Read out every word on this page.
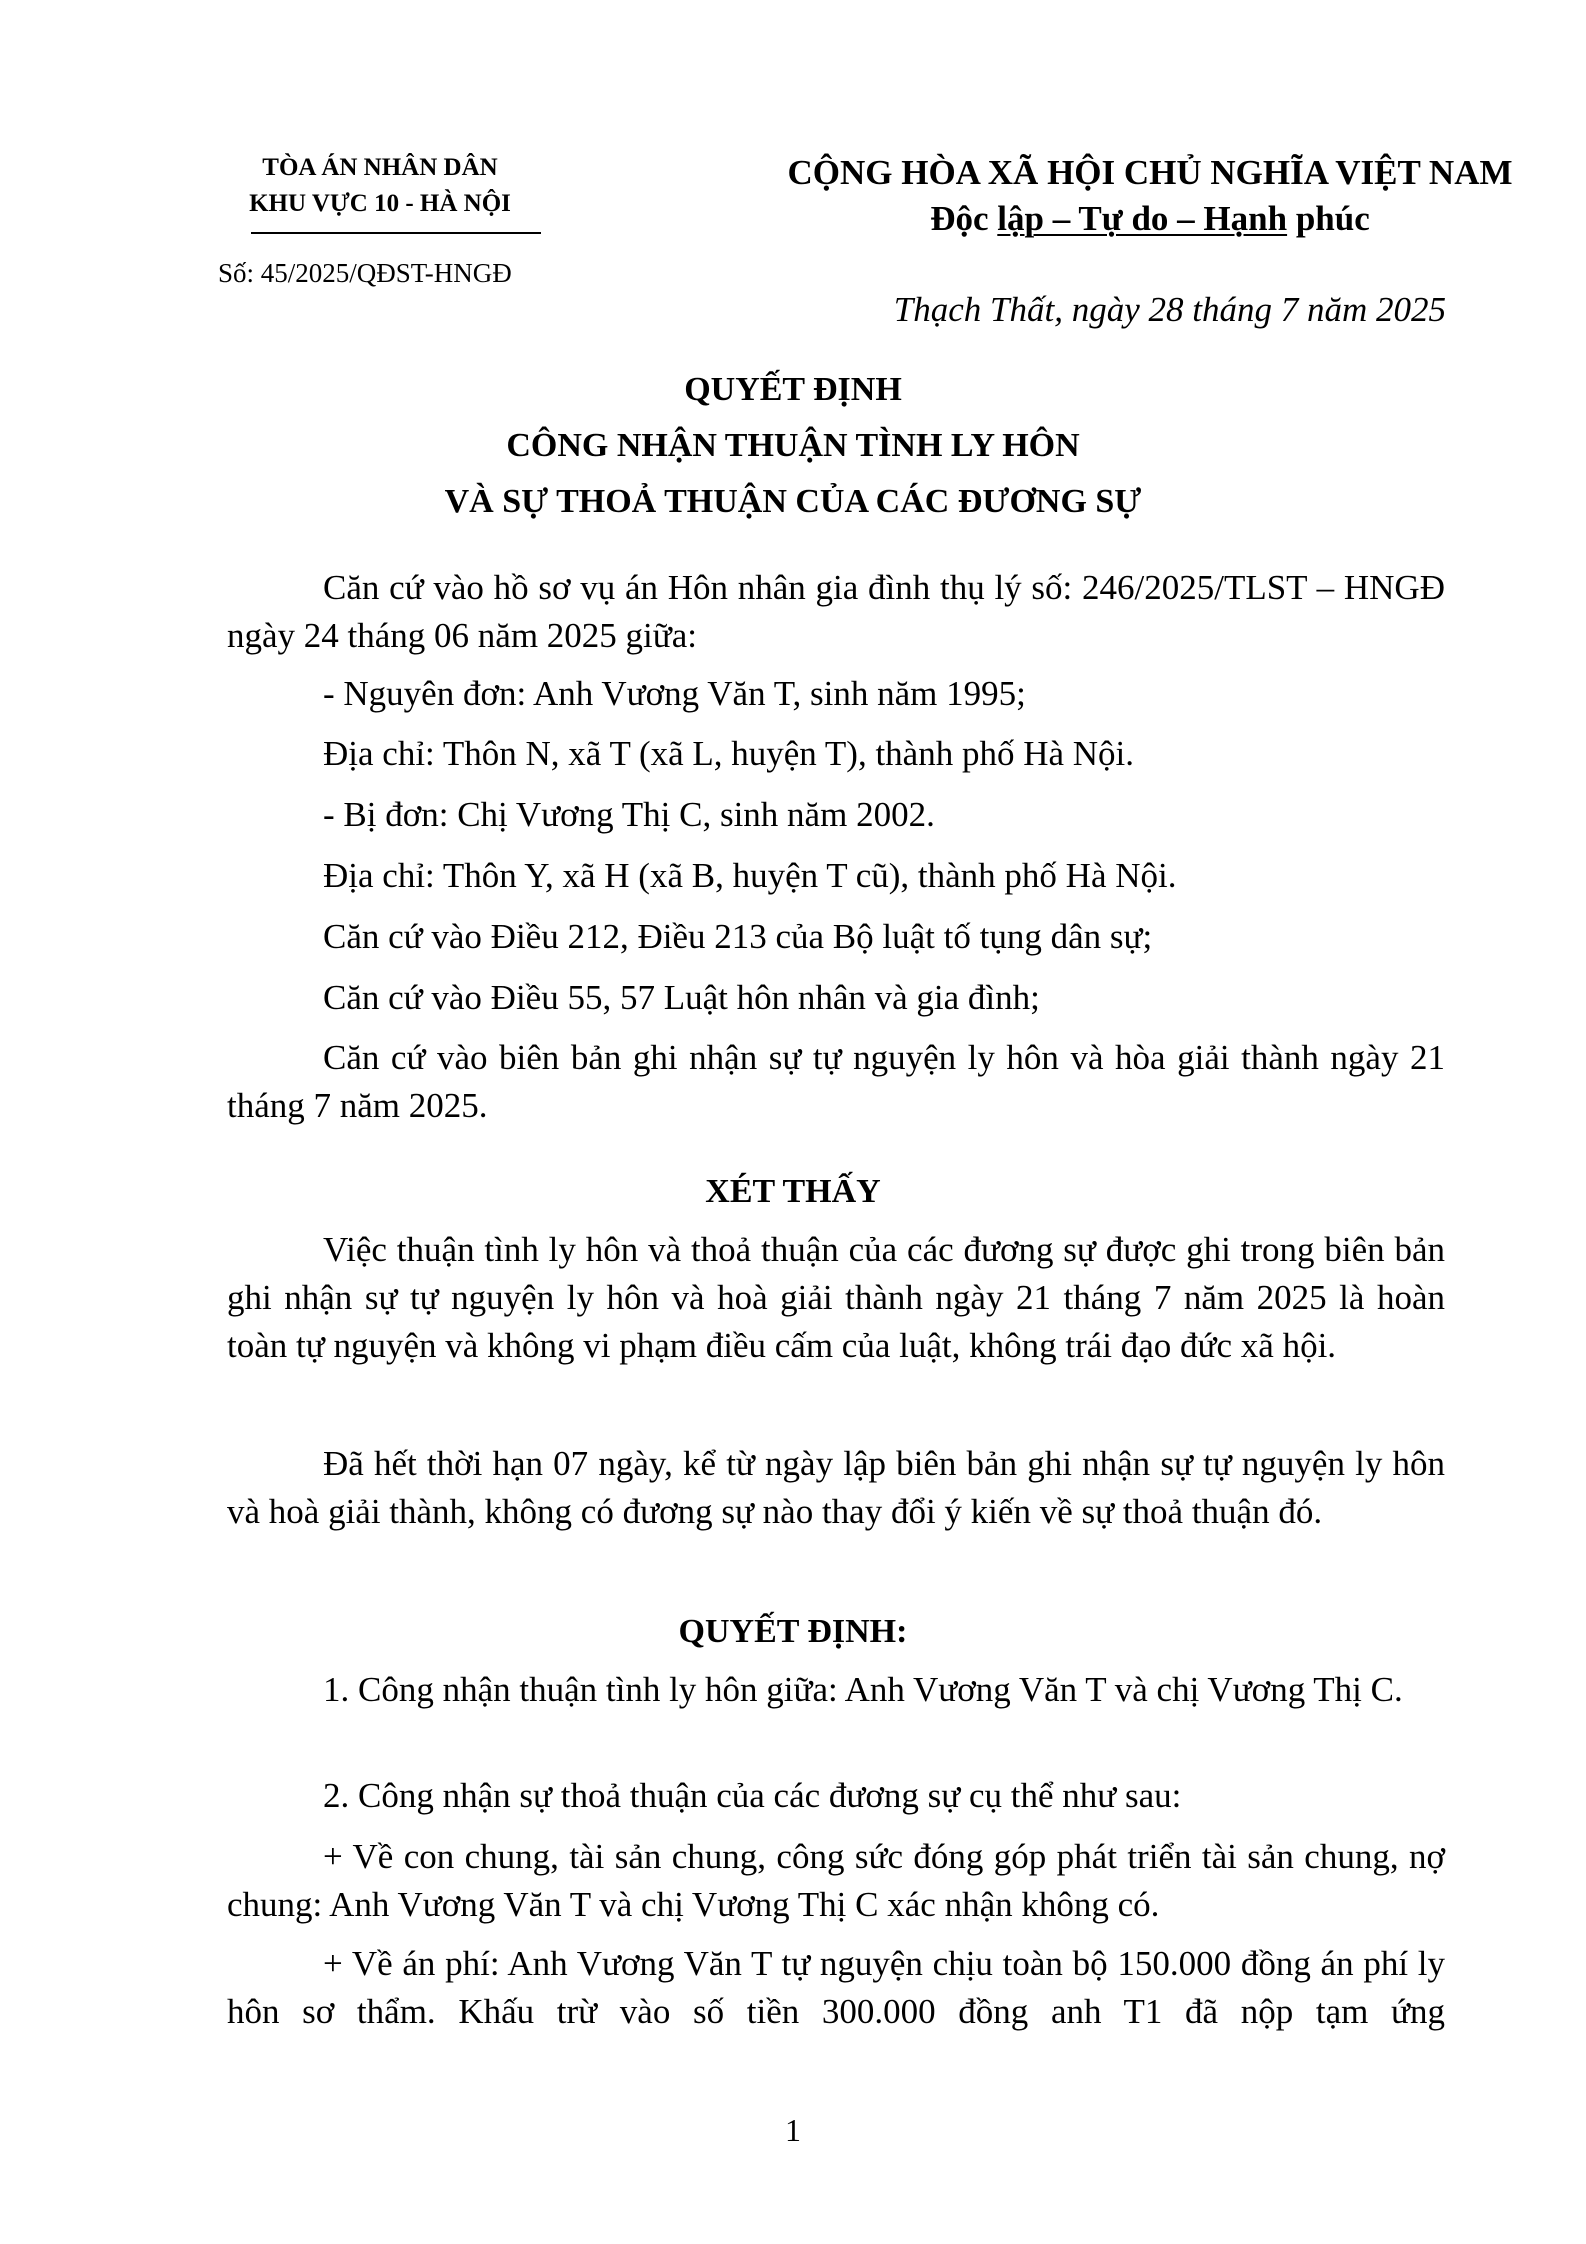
TÒA ÁN NHÂN DÂN
KHU VỰC 10 - HÀ NỘI
Số: 45/2025/QĐST-HNGĐ
CỘNG HÒA XÃ HỘI CHỦ NGHĨA VIỆT NAM
Độc lập – Tự do – Hạnh phúc
Thạch Thất, ngày 28 tháng 7 năm 2025
QUYẾT ĐỊNH
CÔNG NHẬN THUẬN TÌNH LY HÔN
VÀ SỰ THOẢ THUẬN CỦA CÁC ĐƯƠNG SỰ

Căn cứ vào hồ sơ vụ án Hôn nhân gia đình thụ lý số: 246/2025/TLST – HNGĐ ngày 24 tháng 06 năm 2025 giữa:

- Nguyên đơn: Anh Vương Văn T, sinh năm 1995;
Địa chỉ: Thôn N, xã T (xã L, huyện T), thành phố Hà Nội.
- Bị đơn: Chị Vương Thị C, sinh năm 2002.
Địa chỉ: Thôn Y, xã H (xã B, huyện T cũ), thành phố Hà Nội.
Căn cứ vào Điều 212, Điều 213 của Bộ luật tố tụng dân sự;
Căn cứ vào Điều 55, 57 Luật hôn nhân và gia đình;

Căn cứ vào biên bản ghi nhận sự tự nguyện ly hôn và hòa giải thành ngày 21 tháng 7 năm 2025.

XÉT THẤY

Việc thuận tình ly hôn và thoả thuận của các đương sự được ghi trong biên bản ghi nhận sự tự nguyện ly hôn và hoà giải thành ngày 21 tháng 7 năm 2025 là hoàn toàn tự nguyện và không vi phạm điều cấm của luật, không trái đạo đức xã hội.

Đã hết thời hạn 07 ngày, kể từ ngày lập biên bản ghi nhận sự tự nguyện ly hôn và hoà giải thành, không có đương sự nào thay đổi ý kiến về sự thoả thuận đó.

QUYẾT ĐỊNH:

1. Công nhận thuận tình ly hôn giữa: Anh Vương Văn T và chị Vương Thị C.

2. Công nhận sự thoả thuận của các đương sự cụ thể như sau:

+ Về con chung, tài sản chung, công sức đóng góp phát triển tài sản chung, nợ chung: Anh Vương Văn T và chị Vương Thị C xác nhận không có.

+ Về án phí: Anh Vương Văn T tự nguyện chịu toàn bộ 150.000 đồng án phí ly hôn sơ thẩm. Khấu trừ vào số tiền 300.000 đồng anh T1 đã nộp tạm ứng

1
